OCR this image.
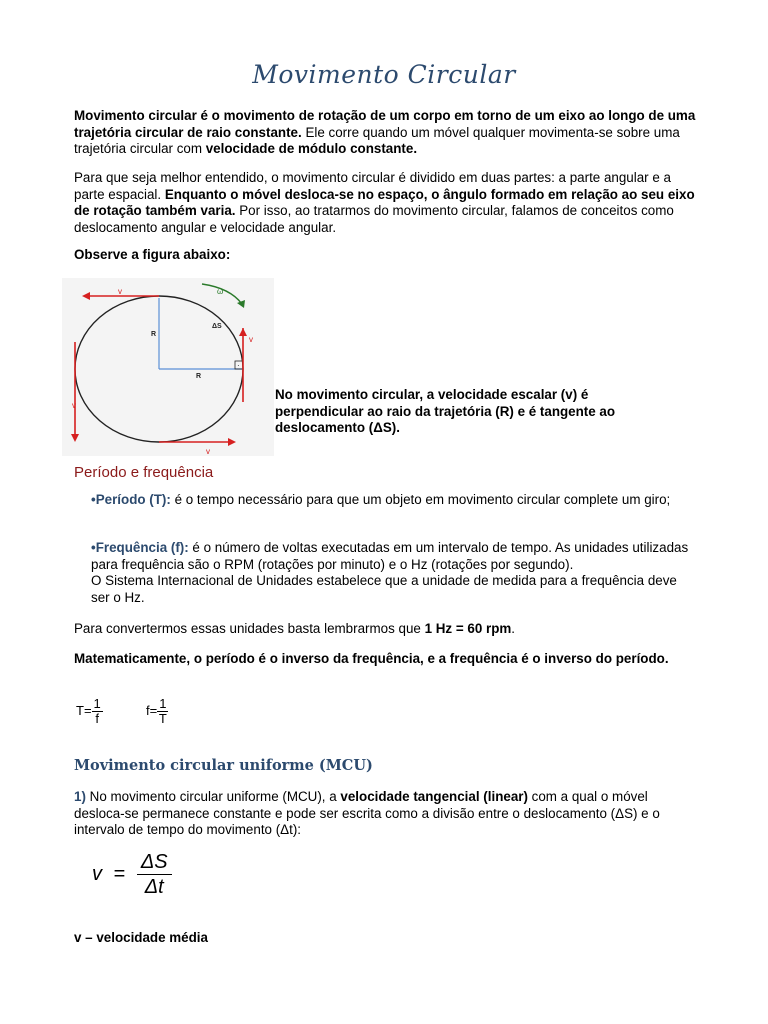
Movimento Circular
Movimento circular é o movimento de rotação de um corpo em torno de um eixo ao longo de uma trajetória circular de raio constante. Ele corre quando um móvel qualquer movimenta-se sobre uma trajetória circular com velocidade de módulo constante.
Para que seja melhor entendido, o movimento circular é dividido em duas partes: a parte angular e a parte espacial. Enquanto o móvel desloca-se no espaço, o ângulo formado em relação ao seu eixo de rotação também varia. Por isso, ao tratarmos do movimento circular, falamos de conceitos como deslocamento angular e velocidade angular.
Observe a figura abaixo:
v
v
v
v
ω
R
R
ΔS
·
No movimento circular, a velocidade escalar (v) é perpendicular ao raio da trajetória (R) e é tangente ao deslocamento (ΔS).
Período e frequência
•Período (T): é o tempo necessário para que um objeto em movimento circular complete um giro;
•Frequência (f): é o número de voltas executadas em um intervalo de tempo. As unidades utilizadas para frequência são o RPM (rotações por minuto) e o Hz (rotações por segundo).
O Sistema Internacional de Unidades estabelece que a unidade de medida para a frequência deve ser o Hz.
Para convertermos essas unidades basta lembrarmos que 1 Hz = 60 rpm.
Matematicamente, o período é o inverso da frequência, e a frequência é o inverso do período.
$T= \frac{1}{f}$	$f= \frac{1}{T}$
Movimento circular uniforme (MCU)
1) No movimento circular uniforme (MCU), a velocidade tangencial (linear) com a qual o móvel desloca-se permanece constante e pode ser escrita como a divisão entre o deslocamento (ΔS) e o intervalo de tempo do movimento (Δt):
$v = \frac{\Delta S}{\Delta t}$
v – velocidade média
